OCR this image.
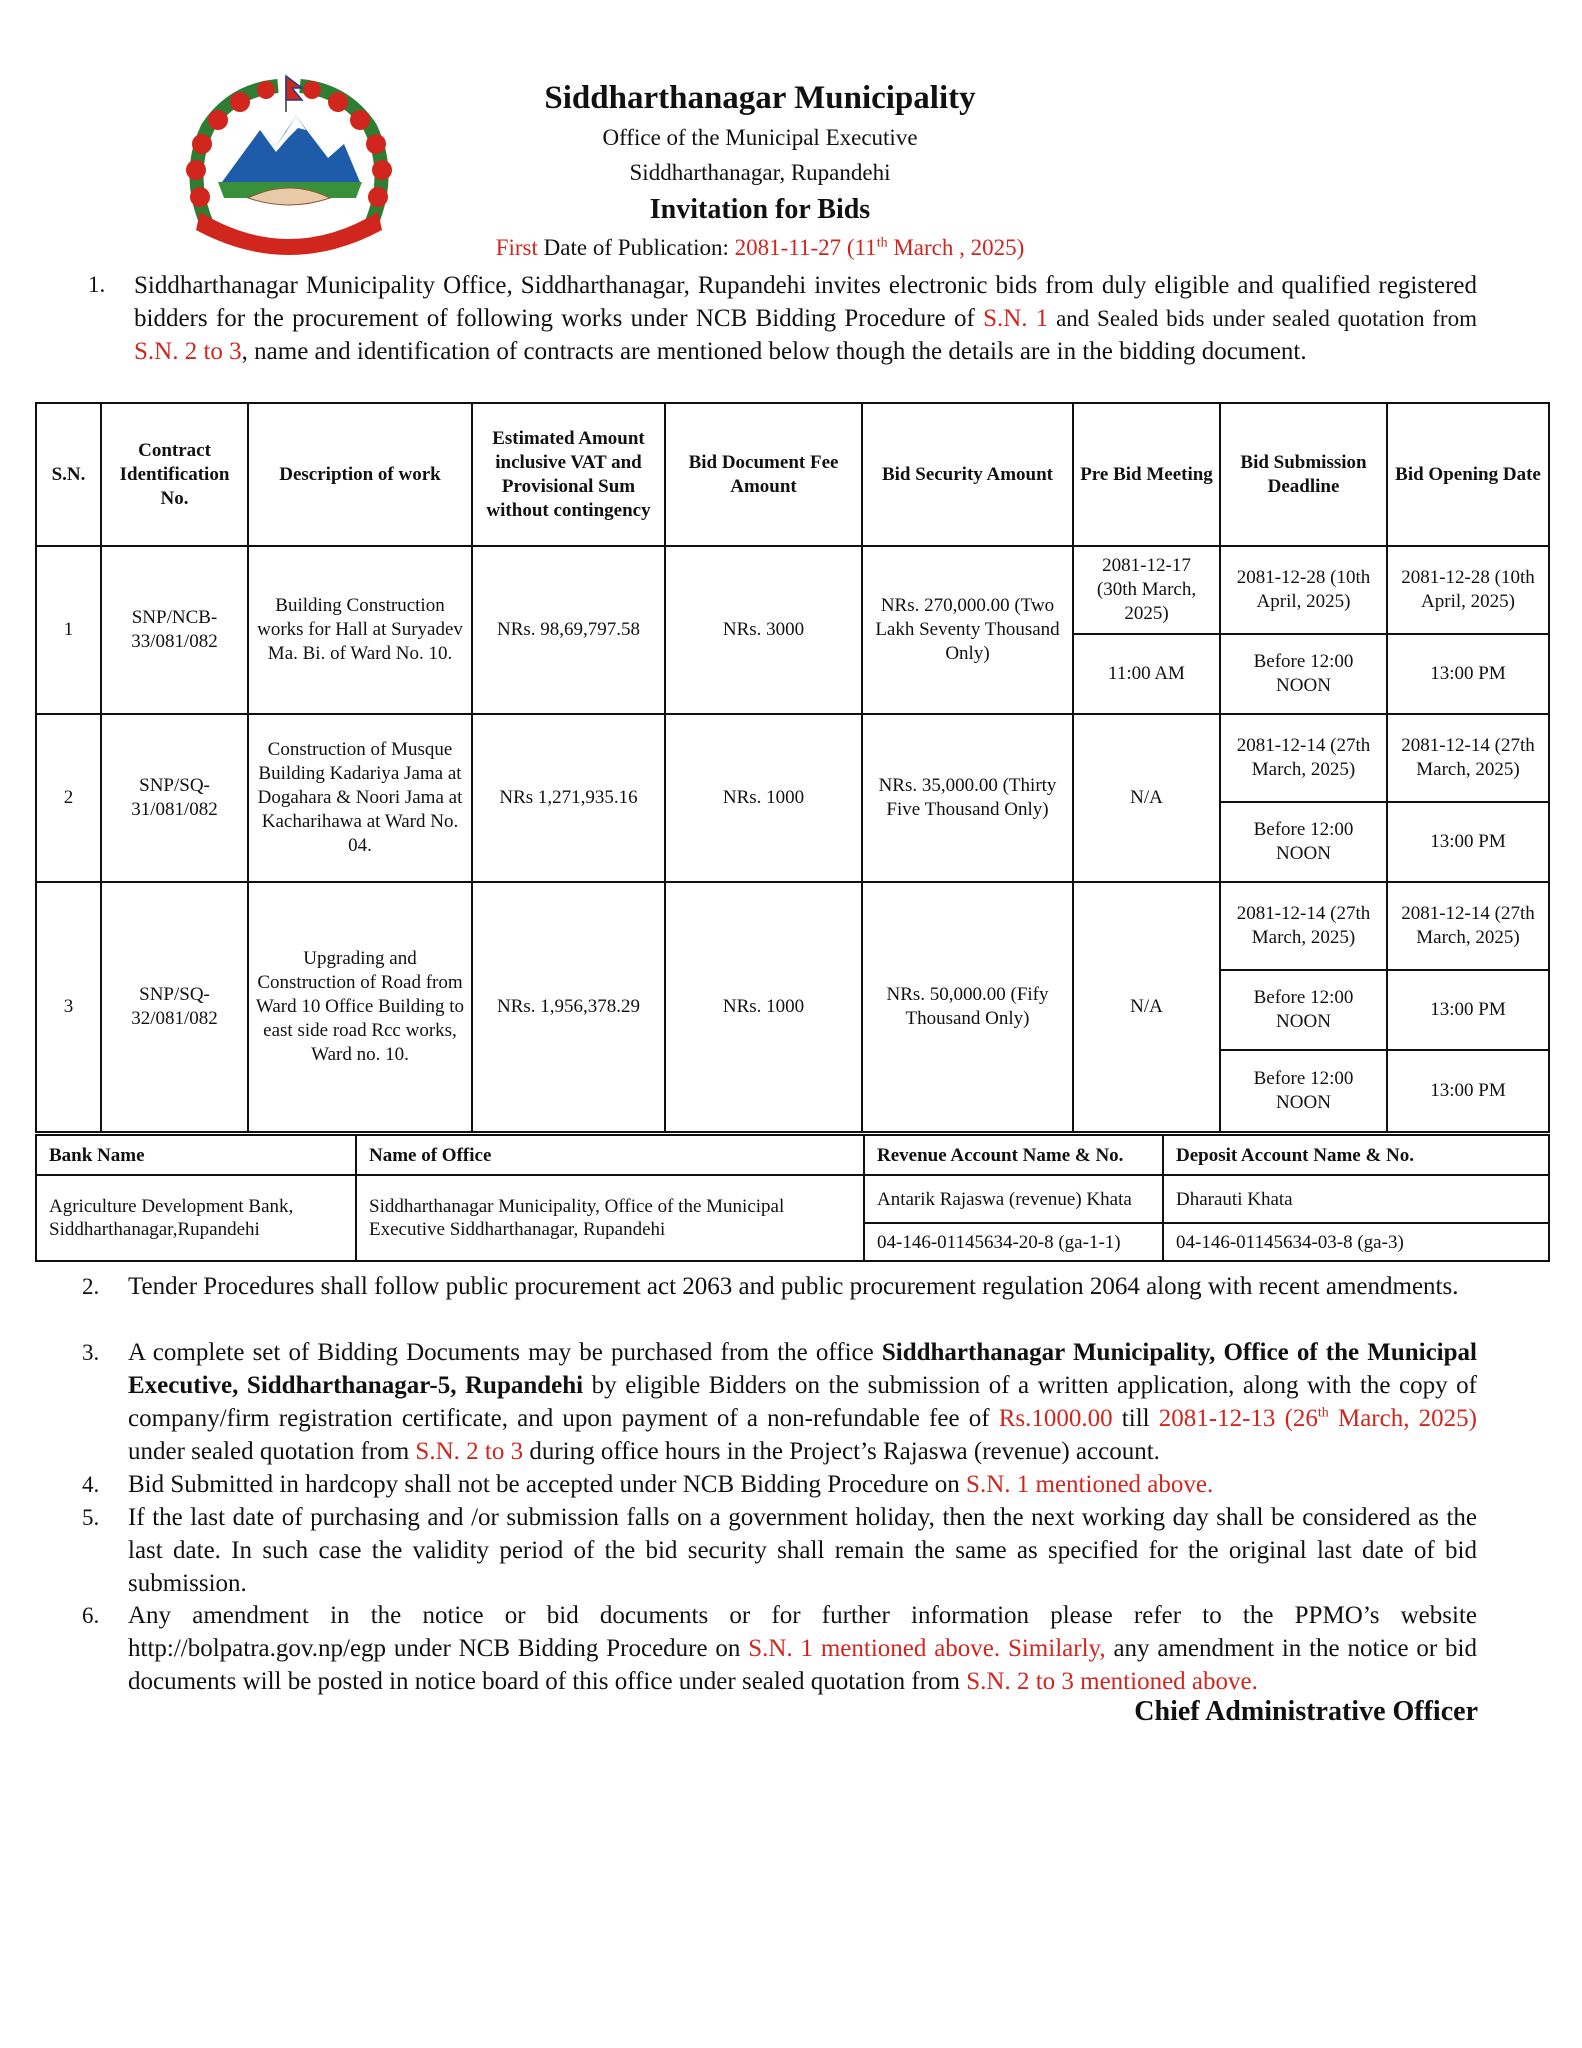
Siddharthanagar Municipality
Office of the Municipal Executive
Siddharthanagar, Rupandehi
Invitation for Bids
First Date of Publication: 2081-11-27 (11th March , 2025)
1. Siddharthanagar Municipality Office, Siddharthanagar, Rupandehi invites electronic bids from duly eligible and qualified registered bidders for the procurement of following works under NCB Bidding Procedure of S.N. 1 and Sealed bids under sealed quotation from S.N. 2 to 3, name and identification of contracts are mentioned below though the details are in the bidding document.
S.N.	Contract Identification No.	Description of work	Estimated Amount inclusive VAT and Provisional Sum without contingency	Bid Document Fee Amount	Bid Security Amount	Pre Bid Meeting	Bid Submission Deadline	Bid Opening Date
1	SNP/NCB-33/081/082	Building Construction works for Hall at Suryadev Ma. Bi. of Ward No. 10.	NRs. 98,69,797.58	NRs. 3000	NRs. 270,000.00 (Two Lakh Seventy Thousand Only)	2081-12-17 (30th March, 2025)	2081-12-28 (10th April, 2025)	2081-12-28 (10th April, 2025)
						11:00 AM	Before 12:00 NOON	13:00 PM
2	SNP/SQ-31/081/082	Construction of Musque Building Kadariya Jama at Dogahara & Noori Jama at Kacharihawa at Ward No. 04.	NRs 1,271,935.16	NRs. 1000	NRs. 35,000.00 (Thirty Five Thousand Only)	N/A	2081-12-14 (27th March, 2025)	2081-12-14 (27th March, 2025)
							Before 12:00 NOON	13:00 PM
3	SNP/SQ-32/081/082	Upgrading and Construction of Road from Ward 10 Office Building to east side road Rcc works, Ward no. 10.	NRs. 1,956,378.29	NRs. 1000	NRs. 50,000.00 (Fify Thousand Only)	N/A	2081-12-14 (27th March, 2025)	2081-12-14 (27th March, 2025)
							Before 12:00 NOON	13:00 PM
							Before 12:00 NOON	13:00 PM
Bank Name	Name of Office	Revenue Account Name & No.	Deposit Account Name & No.
Agriculture Development Bank, Siddharthanagar,Rupandehi	Siddharthanagar Municipality, Office of the Municipal Executive Siddharthanagar, Rupandehi	Antarik Rajaswa (revenue) Khata	Dharauti Khata
		04-146-01145634-20-8 (ga-1-1)	04-146-01145634-03-8 (ga-3)
2. Tender Procedures shall follow public procurement act 2063 and public procurement regulation 2064 along with recent amendments.
3. A complete set of Bidding Documents may be purchased from the office Siddharthanagar Municipality, Office of the Municipal Executive, Siddharthanagar-5, Rupandehi by eligible Bidders on the submission of a written application, along with the copy of company/firm registration certificate, and upon payment of a non-refundable fee of Rs.1000.00 till 2081-12-13 (26th March, 2025) under sealed quotation from S.N. 2 to 3 during office hours in the Project’s Rajaswa (revenue) account.
4. Bid Submitted in hardcopy shall not be accepted under NCB Bidding Procedure on S.N. 1 mentioned above.
5. If the last date of purchasing and /or submission falls on a government holiday, then the next working day shall be considered as the last date. In such case the validity period of the bid security shall remain the same as specified for the original last date of bid submission.
6. Any amendment in the notice or bid documents or for further information please refer to the PPMO’s website http://bolpatra.gov.np/egp under NCB Bidding Procedure on S.N. 1 mentioned above. Similarly, any amendment in the notice or bid documents will be posted in notice board of this office under sealed quotation from S.N. 2 to 3 mentioned above.
Chief Administrative Officer
